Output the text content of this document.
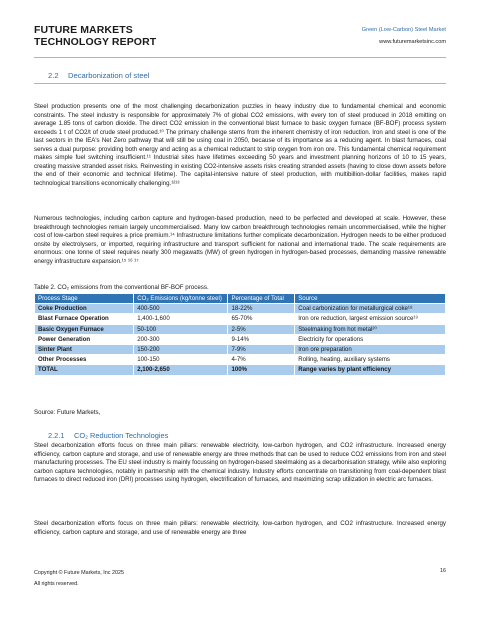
FUTURE MARKETS
TECHNOLOGY REPORT
Green (Low-Carbon) Steel Market
www.futuremarketsinc.com
2.2 Decarbonization of steel
Steel production presents one of the most challenging decarbonization puzzles in heavy industry due to fundamental chemical and economic constraints. The steel industry is responsible for approximately 7% of global CO2 emissions, with every ton of steel produced in 2018 emitting on average 1.85 tons of carbon dioxide. The direct CO2 emission in the conventional blast furnace to basic oxygen furnace (BF-BOF) process system exceeds 1 t of CO2/t of crude steel produced.¹⁰ The primary challenge stems from the inherent chemistry of iron reduction. Iron and steel is one of the last sectors in the IEA's Net Zero pathway that will still be using coal in 2050, because of its importance as a reducing agent. In blast furnaces, coal serves a dual purpose: providing both energy and acting as a chemical reductant to strip oxygen from iron ore. This fundamental chemical requirement makes simple fuel switching insufficient.¹¹ Industrial sites have lifetimes exceeding 50 years and investment planning horizons of 10 to 15 years, creating massive stranded asset risks. Reinvesting in existing CO2-intensive assets risks creating stranded assets (having to close down assets before the end of their economic and technical lifetime). The capital-intensive nature of steel production, with multibillion-dollar facilities, makes rapid technological transitions economically challenging.¹²¹³
Numerous technologies, including carbon capture and hydrogen-based production, need to be perfected and developed at scale. However, these breakthrough technologies remain largely uncommercialised. Many low carbon breakthrough technologies remain uncommercialised, while the higher cost of low-carbon steel requires a price premium.¹⁴ Infrastructure limitations further complicate decarbonization. Hydrogen needs to be either produced onsite by electrolysers, or imported, requiring infrastructure and transport sufficient for national and international trade. The scale requirements are enormous: one tonne of steel requires nearly 300 megawatts (MW) of green hydrogen in hydrogen-based processes, demanding massive renewable energy infrastructure expansion.¹⁵ ¹⁶ ¹⁷
Table 2. CO₂ emissions from the conventional BF-BOF process.
Process Stage	CO₂ Emissions (kg/tonne steel)	Percentage of Total	Source
Coke Production	400-500	18-22%	Coal carbonization for metallurgical coke¹⁸
Blast Furnace Operation	1,400-1,600	65-70%	Iron ore reduction, largest emission source¹⁹
Basic Oxygen Furnace	50-100	2-5%	Steelmaking from hot metal²⁰
Power Generation	200-300	9-14%	Electricity for operations
Sinter Plant	150-200	7-9%	Iron ore preparation
Other Processes	100-150	4-7%	Rolling, heating, auxiliary systems
TOTAL	2,100-2,650	100%	Range varies by plant efficiency
Source: Future Markets,
2.2.1 CO₂ Reduction Technologies
Steel decarbonization efforts focus on three main pillars: renewable electricity, low-carbon hydrogen, and CO2 infrastructure. Increased energy efficiency, carbon capture and storage, and use of renewable energy are three methods that can be used to reduce CO2 emissions from iron and steel manufacturing processes. The EU steel industry is mainly focussing on hydrogen-based steelmaking as a decarbonisation strategy, while also exploring carbon capture technologies, notably in partnership with the chemical industry. Industry efforts concentrate on transitioning from coal-dependent blast furnaces to direct reduced iron (DRI) processes using hydrogen, electrification of furnaces, and maximizing scrap utilization in electric arc furnaces.
Steel decarbonization efforts focus on three main pillars: renewable electricity, low-carbon hydrogen, and CO2 infrastructure. Increased energy efficiency, carbon capture and storage, and use of renewable energy are three
Copyright © Future Markets, Inc 2025
All rights reserved.
16
